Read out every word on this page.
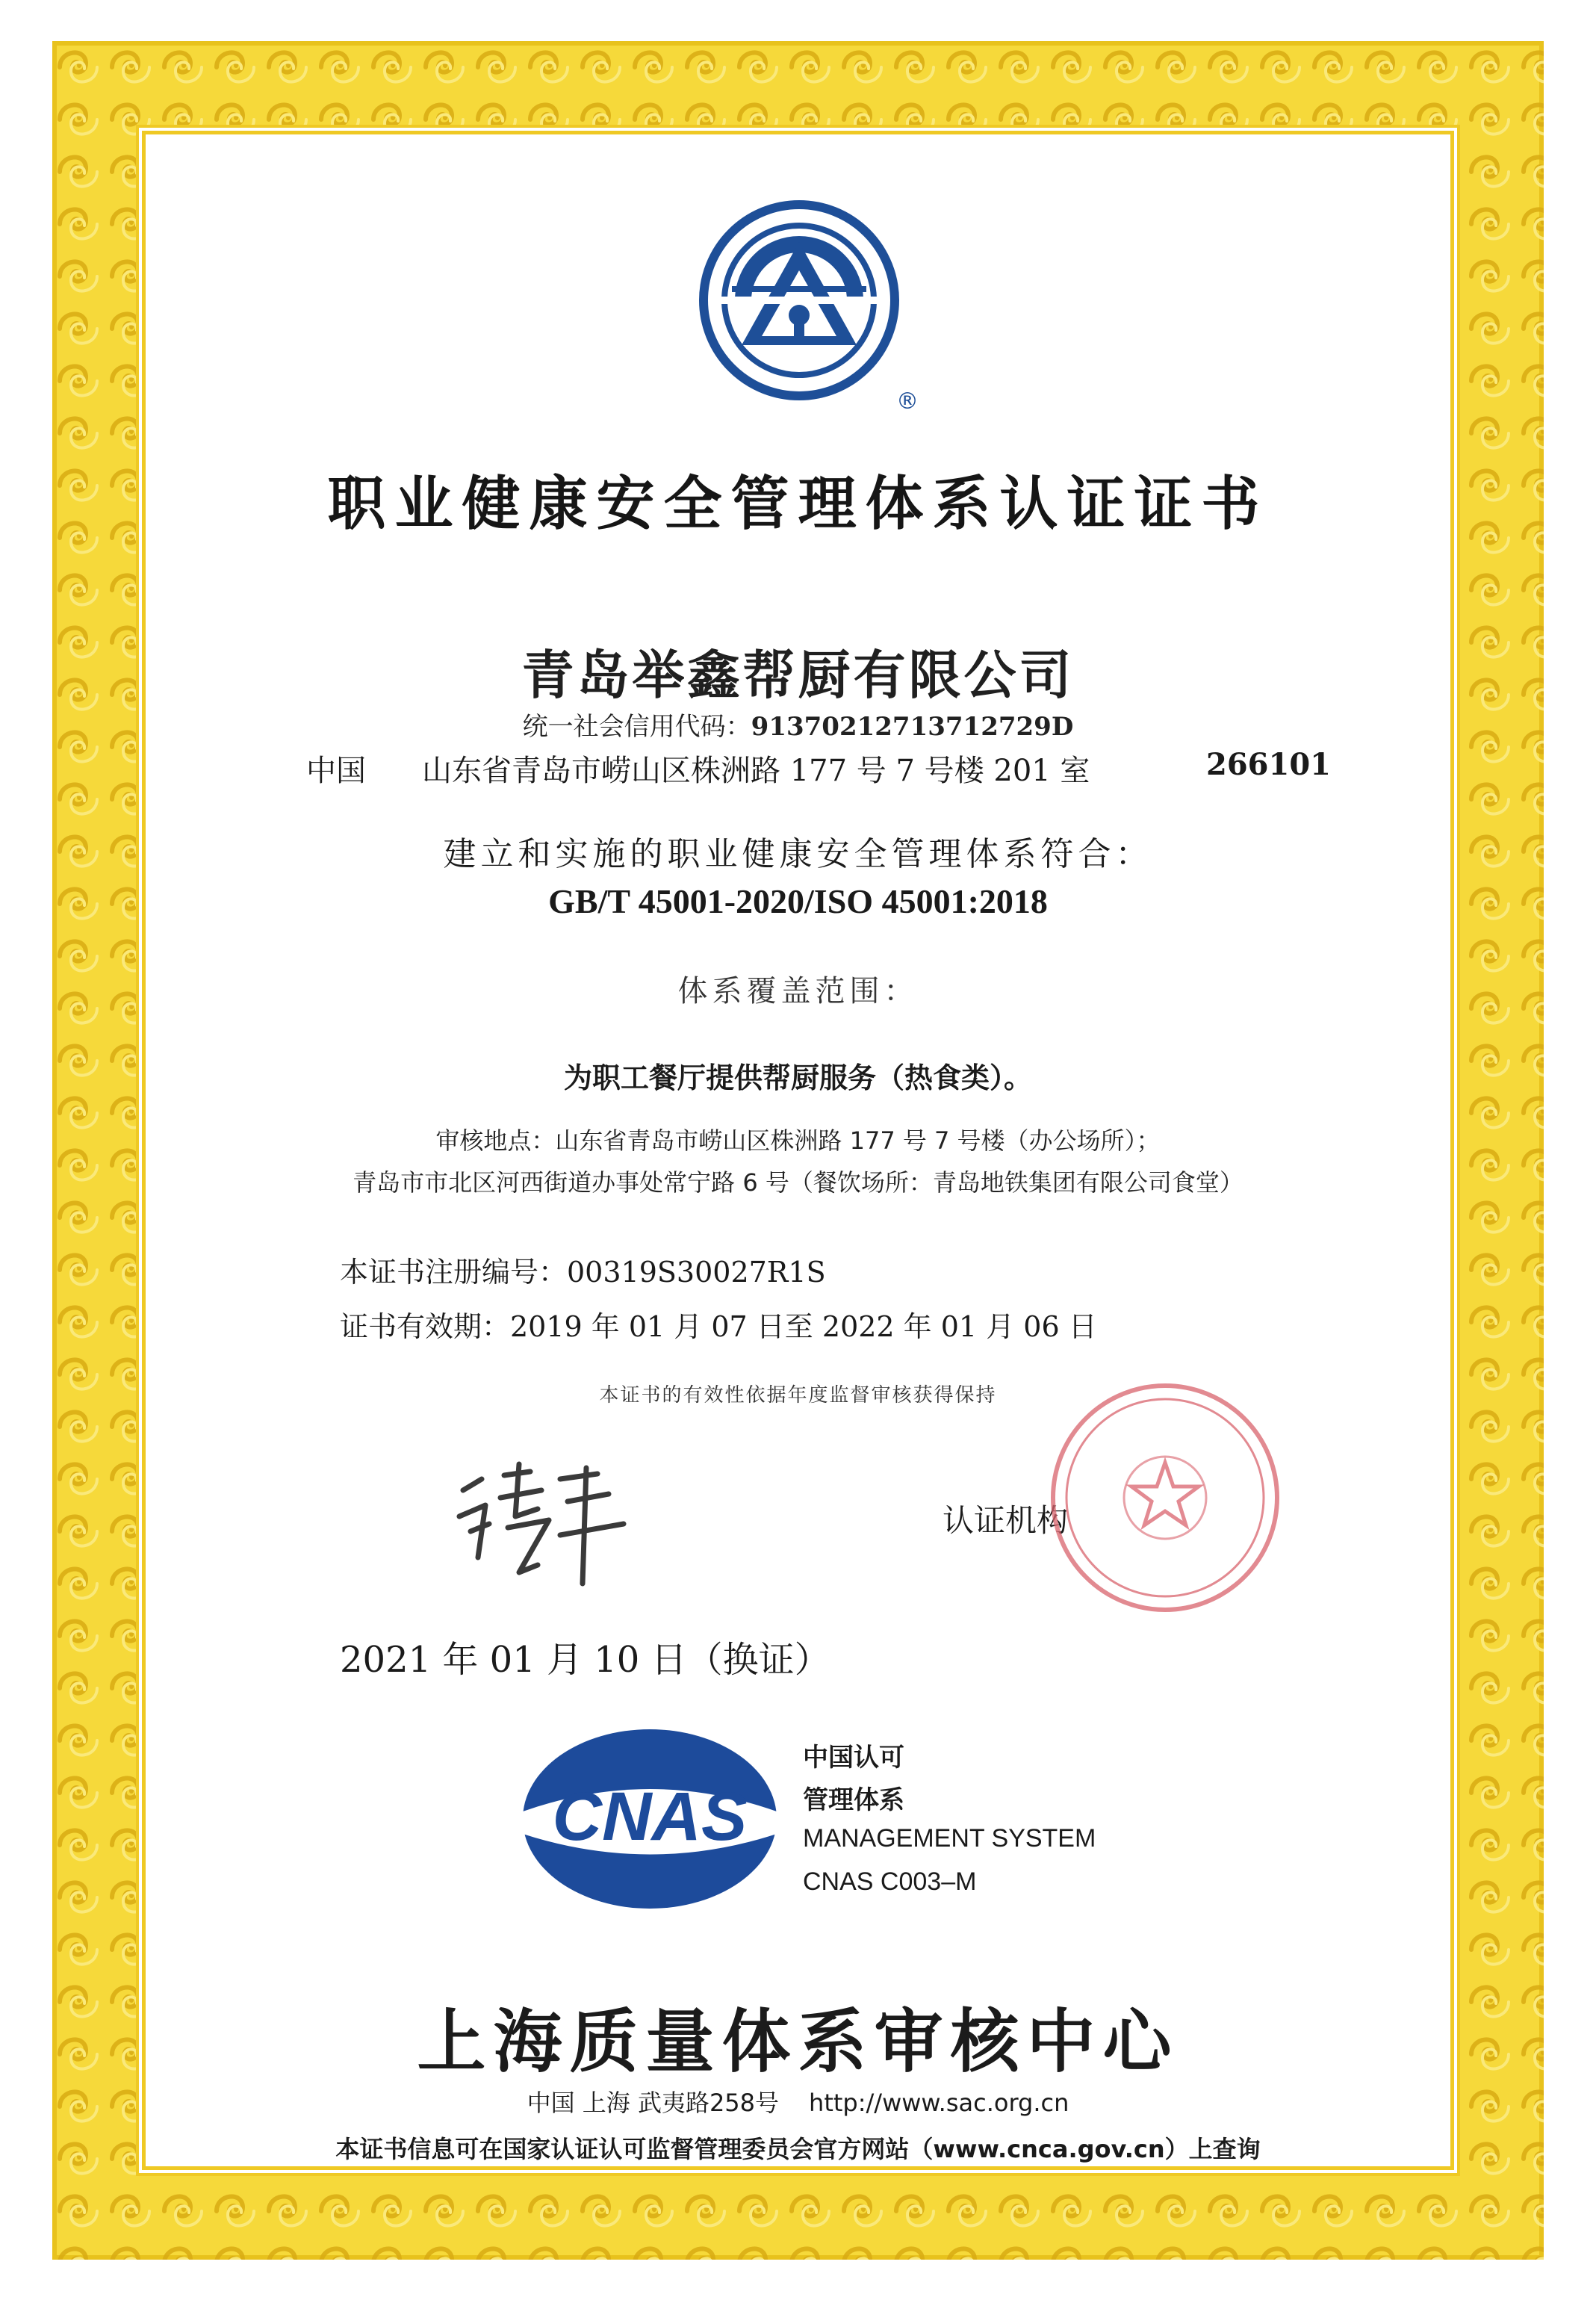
®
职业健康安全管理体系认证证书
青岛举鑫帮厨有限公司
统一社会信用代码：91370212713712729D
中国 山东省青岛市崂山区株洲路 177 号 7 号楼 201 室	266101
建立和实施的职业健康安全管理体系符合：
GB/T 45001-2020/ISO 45001:2018
体系覆盖范围：
为职工餐厅提供帮厨服务（热食类）。
审核地点：山东省青岛市崂山区株洲路 177 号 7 号楼（办公场所）；
青岛市市北区河西街道办事处常宁路 6 号（餐饮场所：青岛地铁集团有限公司食堂）
本证书注册编号：00319S30027R1S
证书有效期：2019 年 01 月 07 日至 2022 年 01 月 06 日
本证书的有效性依据年度监督审核获得保持
认证机构
2021 年 01 月 10 日（换证）
CNAS
中国认可
管理体系
MANAGEMENT SYSTEM
CNAS C003–M
上海质量体系审核中心
中国 上海 武夷路258号 http://www.sac.org.cn
本证书信息可在国家认证认可监督管理委员会官方网站（www.cnca.gov.cn）上查询
